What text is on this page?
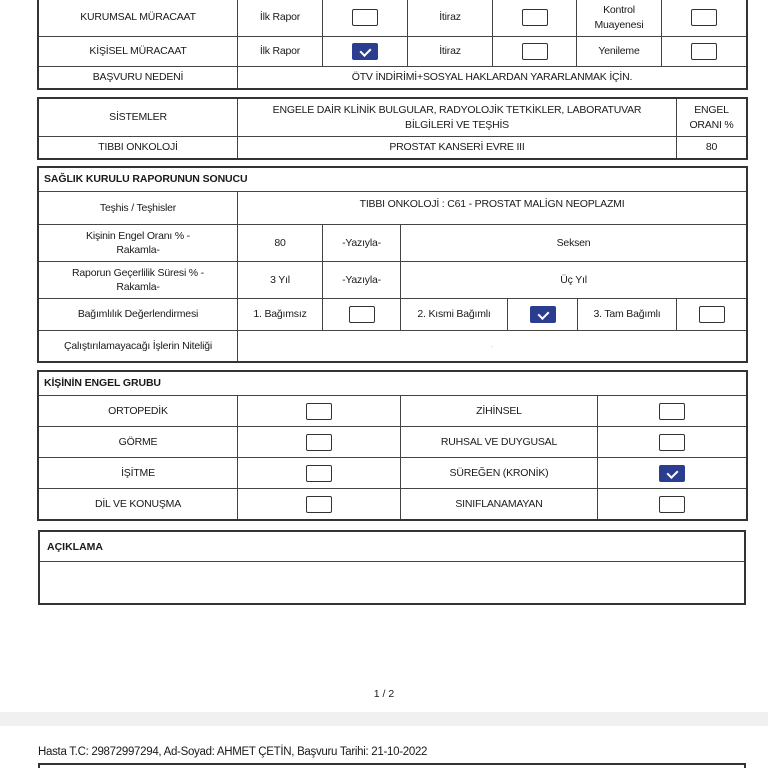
KURUMSAL MÜRACAAT	İlk Rapor		İtiraz		Kontrol Muayenesi	
KİŞİSEL MÜRACAAT	İlk Rapor		İtiraz		Yenileme	
BAŞVURU NEDENİ	ÖTV İNDİRİMİ+SOSYAL HAKLARDAN YARARLANMAK İÇİN.					
SİSTEMLER	ENGELE DAİR KLİNİK BULGULAR, RADYOLOJİK TETKİKLER, LABORATUVAR BİLGİLERİ VE TEŞHİS	ENGEL ORANI %
TIBBI ONKOLOJİ	PROSTAT KANSERİ EVRE III	80
SAĞLIK KURULU RAPORUNUN SONUCU						
Teşhis / Teşhisler	TIBBI ONKOLOJİ : C61 - PROSTAT MALİGN NEOPLAZMI					
Kişinin Engel Oranı % -Rakamla-	80	-Yazıyla-	Seksen			
Raporun Geçerlilik Süresi % -Rakamla-	3 Yıl	-Yazıyla-	Üç Yıl			
Bağımlılık Değerlendirmesi	1. Bağımsız		2. Kısmi Bağımlı		3. Tam Bağımlı	
Çalıştırılamayacağı İşlerin Niteliği	.					
KİŞİNİN ENGEL GRUBU			
ORTOPEDİK		ZİHİNSEL	
GÖRME		RUHSAL VE DUYGUSAL	
İŞİTME		SÜREĞEN (KRONİK)	
DİL VE KONUŞMA		SINIFLANAMAYAN	
AÇIKLAMA
1 / 2
Hasta T.C: 29872997294, Ad-Soyad: AHMET ÇETİN, Başvuru Tarihi: 21-10-2022
